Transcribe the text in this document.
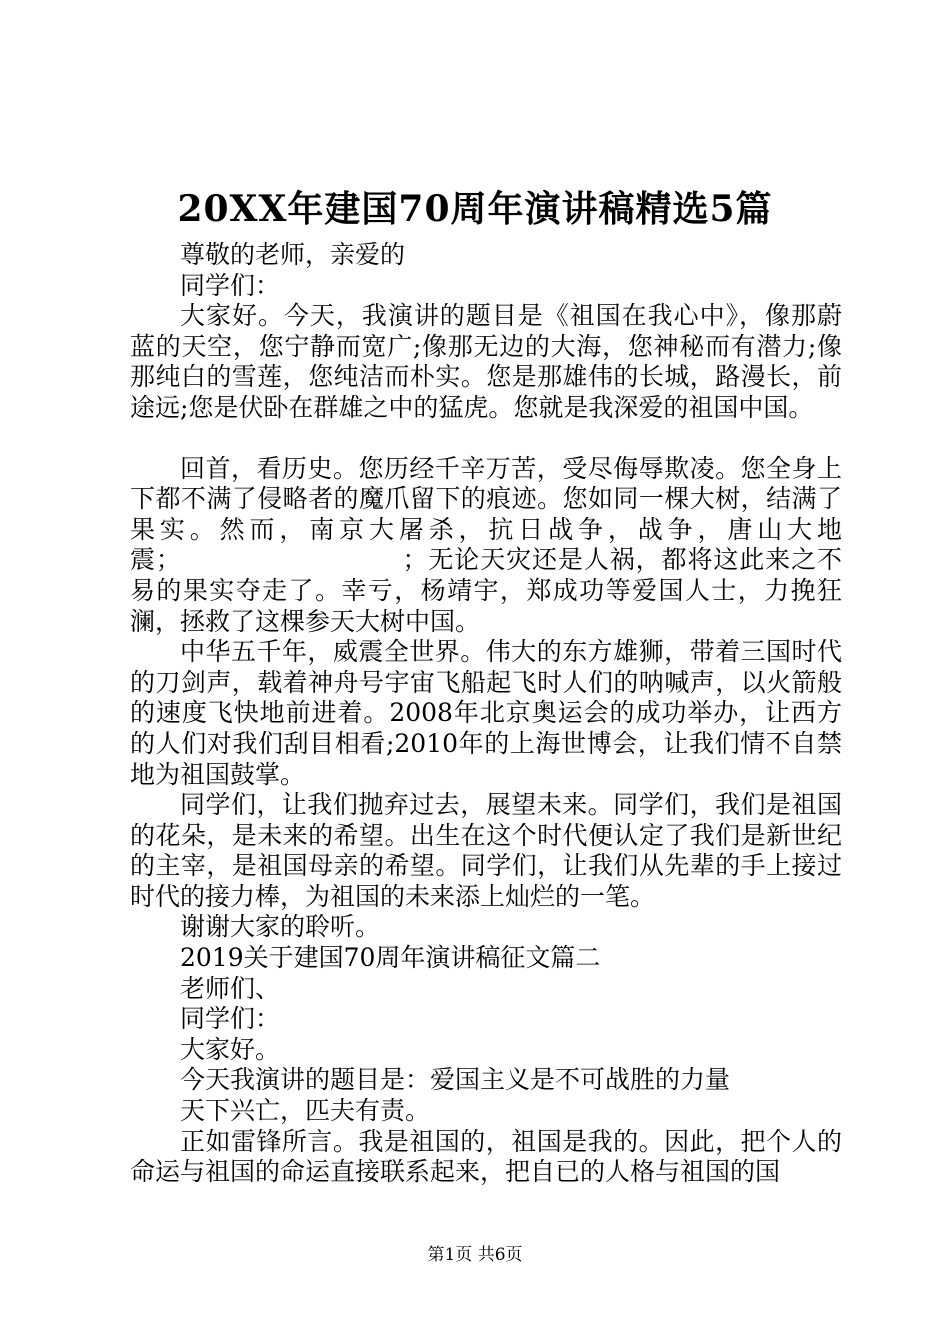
20XX年建国70周年演讲稿精选5篇

尊敬的老师，亲爱的

同学们：

大家好。今天，我演讲的题目是《祖国在我心中》，像那蔚蓝的天空，您宁静而宽广;像那无边的大海，您神秘而有潜力;像那纯白的雪莲，您纯洁而朴实。您是那雄伟的长城，路漫长，前途远;您是伏卧在群雄之中的猛虎。您就是我深爱的祖国中国。

回首，看历史。您历经千辛万苦，受尽侮辱欺凌。您全身上下都不满了侵略者的魔爪留下的痕迹。您如同一棵大树，结满了果实。然而，南京大屠杀，抗日战争，战争，唐山大地震；　　　　　　　　　；无论天灾还是人祸，都将这此来之不易的果实夺走了。幸亏，杨靖宇，郑成功等爱国人士，力挽狂澜，拯救了这棵参天大树中国。

中华五千年，威震全世界。伟大的东方雄狮，带着三国时代的刀剑声，载着神舟号宇宙飞船起飞时人们的呐喊声，以火箭般的速度飞快地前进着。2008年北京奥运会的成功举办，让西方的人们对我们刮目相看;2010年的上海世博会，让我们情不自禁地为祖国鼓掌。

同学们，让我们抛弃过去，展望未来。同学们，我们是祖国的花朵，是未来的希望。出生在这个时代便认定了我们是新世纪的主宰，是祖国母亲的希望。同学们，让我们从先辈的手上接过时代的接力棒，为祖国的未来添上灿烂的一笔。

谢谢大家的聆听。

2019关于建国70周年演讲稿征文篇二

老师们、

同学们：

大家好。

今天我演讲的题目是：爱国主义是不可战胜的力量

天下兴亡，匹夫有责。

正如雷锋所言。我是祖国的，祖国是我的。因此，把个人的命运与祖国的命运直接联系起来，把自已的人格与祖国的国

第1页 共6页
